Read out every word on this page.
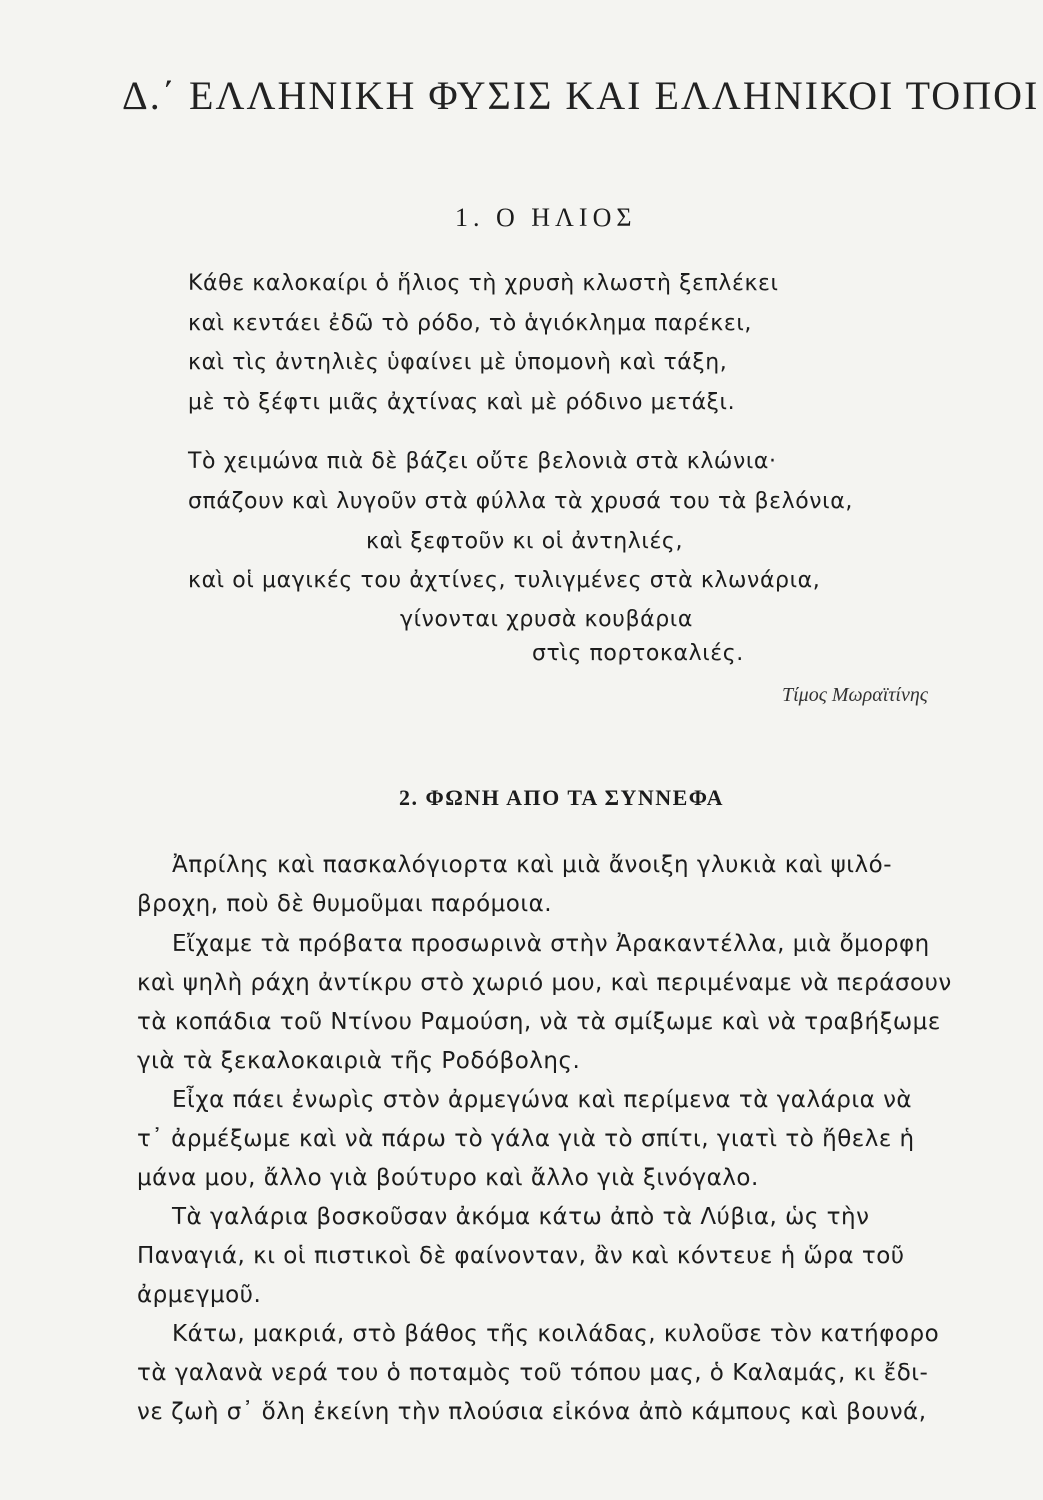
Δ.΄ ΕΛΛΗΝΙΚΗ ΦΥΣΙΣ ΚΑΙ ΕΛΛΗΝΙΚΟΙ ΤΟΠΟΙ
1. Ο ΗΛΙΟΣ
Κάθε καλοκαίρι ὁ ἥλιος τὴ χρυσὴ κλωστὴ ξεπλέκει
καὶ κεντάει ἐδῶ τὸ ρόδο, τὸ ἁγιόκλημα παρέκει,
καὶ τὶς ἀντηλιὲς ὑφαίνει μὲ ὑπομονὴ καὶ τάξη,
μὲ τὸ ξέφτι μιᾶς ἀχτίνας καὶ μὲ ρόδινο μετάξι.
Τὸ χειμώνα πιὰ δὲ βάζει οὔτε βελονιὰ στὰ κλώνια·
σπάζουν καὶ λυγοῦν στὰ φύλλα τὰ χρυσά του τὰ βελόνια,
καὶ ξεφτοῦν κι οἱ ἀντηλιές,
καὶ οἱ μαγικές του ἀχτίνες, τυλιγμένες στὰ κλωνάρια,
γίνονται χρυσὰ κουβάρια
στὶς πορτοκαλιές.
Τίμος Μωραϊτίνης
2. ΦΩΝΗ ΑΠΟ ΤΑ ΣΥΝΝΕΦΑ
Ἀπρίλης καὶ πασκαλόγιορτα καὶ μιὰ ἄνοιξη γλυκιὰ καὶ ψιλό-
βροχη, ποὺ δὲ θυμοῦμαι παρόμοια.
Εἴχαμε τὰ πρόβατα προσωρινὰ στὴν Ἀρακαντέλλα, μιὰ ὄμορφη
καὶ ψηλὴ ράχη ἀντίκρυ στὸ χωριό μου, καὶ περιμέναμε νὰ περάσουν
τὰ κοπάδια τοῦ Ντίνου Ραμούση, νὰ τὰ σμίξωμε καὶ νὰ τραβήξωμε
γιὰ τὰ ξεκαλοκαιριὰ τῆς Ροδόβολης.
Εἶχα πάει ἐνωρὶς στὸν ἀρμεγώνα καὶ περίμενα τὰ γαλάρια νὰ
τ᾽ ἀρμέξωμε καὶ νὰ πάρω τὸ γάλα γιὰ τὸ σπίτι, γιατὶ τὸ ἤθελε ἡ
μάνα μου, ἄλλο γιὰ βούτυρο καὶ ἄλλο γιὰ ξινόγαλο.
Τὰ γαλάρια βοσκοῦσαν ἀκόμα κάτω ἀπὸ τὰ Λύβια, ὡς τὴν
Παναγιά, κι οἱ πιστικοὶ δὲ φαίνονταν, ἂν καὶ κόντευε ἡ ὥρα τοῦ
ἀρμεγμοῦ.
Κάτω, μακριά, στὸ βάθος τῆς κοιλάδας, κυλοῦσε τὸν κατήφορο
τὰ γαλανὰ νερά του ὁ ποταμὸς τοῦ τόπου μας, ὁ Καλαμάς, κι ἔδι-
νε ζωὴ σ᾽ ὅλη ἐκείνη τὴν πλούσια εἰκόνα ἀπὸ κάμπους καὶ βουνά,
